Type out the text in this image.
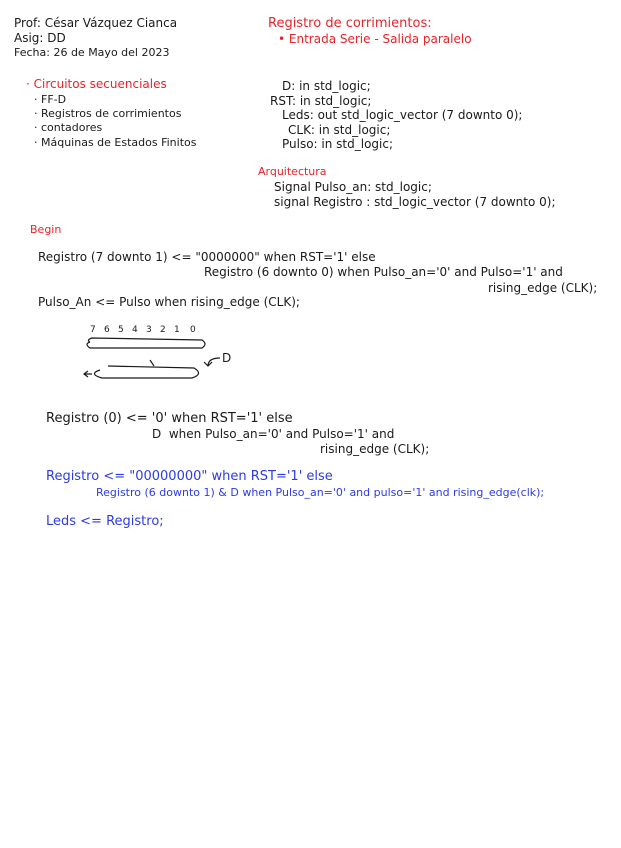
Prof: César Vázquez Cianca
Asig: DD
Fecha: 26 de Mayo del 2023
Registro de corrimientos:
• Entrada Serie - Salida paralelo
· Circuitos secuenciales
· FF-D
· Registros de corrimientos
· contadores
· Máquinas de Estados Finitos
D: in std_logic;
RST: in std_logic;
Leds: out std_logic_vector (7 downto 0);
CLK: in std_logic;
Pulso: in std_logic;
Arquitectura
Signal Pulso_an: std_logic;
signal Registro : std_logic_vector (7 downto 0);
Begin
Registro (7 downto 1) <= "0000000" when RST='1' else
Registro (6 downto 0) when Pulso_an='0' and Pulso='1' and
rising_edge (CLK);
Pulso_An <= Pulso when rising_edge (CLK);
7 6 5 4 3 2 1 0
D
Registro (0) <= '0' when RST='1' else
D  when Pulso_an='0' and Pulso='1' and
rising_edge (CLK);
Registro <= "00000000" when RST='1' else
Registro (6 downto 1) & D when Pulso_an='0' and pulso='1' and rising_edge(clk);
Leds <= Registro;
